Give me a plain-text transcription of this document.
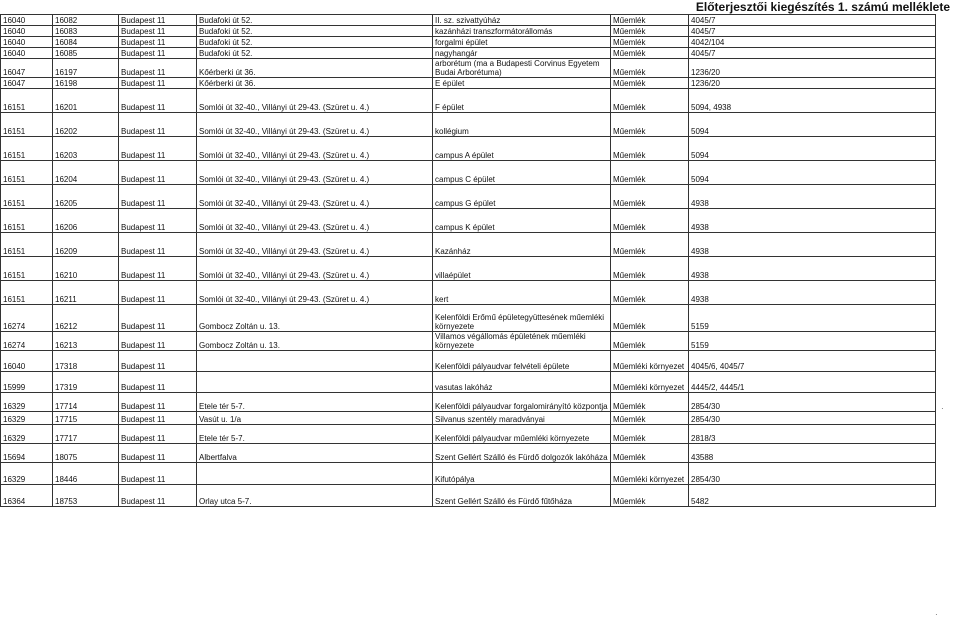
Előterjesztői kiegészítés 1. számú melléklete
16040	16082	Budapest 11	Budafoki út 52.	II. sz. szivattyúház	Műemlék	4045/7
16040	16083	Budapest 11	Budafoki út 52.	kazánházi transzformátorállomás	Műemlék	4045/7
16040	16084	Budapest 11	Budafoki út 52.	forgalmi épület	Műemlék	4042/104
16040	16085	Budapest 11	Budafoki út 52.	nagyhangár	Műemlék	4045/7
16047	16197	Budapest 11	Kőérberki út 36.	arborétum (ma a Budapesti Corvinus Egyetem Budai Arborétuma)	Műemlék	1236/20
16047	16198	Budapest 11	Kőérberki út 36.	E épület	Műemlék	1236/20
16151	16201	Budapest 11	Somlói út 32-40., Villányi út 29-43. (Szüret u. 4.)	F épület	Műemlék	5094, 4938
16151	16202	Budapest 11	Somlói út 32-40., Villányi út 29-43. (Szüret u. 4.)	kollégium	Műemlék	5094
16151	16203	Budapest 11	Somlói út 32-40., Villányi út 29-43. (Szüret u. 4.)	campus A épület	Műemlék	5094
16151	16204	Budapest 11	Somlói út 32-40., Villányi út 29-43. (Szüret u. 4.)	campus C épület	Műemlék	5094
16151	16205	Budapest 11	Somlói út 32-40., Villányi út 29-43. (Szüret u. 4.)	campus G épület	Műemlék	4938
16151	16206	Budapest 11	Somlói út 32-40., Villányi út 29-43. (Szüret u. 4.)	campus K épület	Műemlék	4938
16151	16209	Budapest 11	Somlói út 32-40., Villányi út 29-43. (Szüret u. 4.)	Kazánház	Műemlék	4938
16151	16210	Budapest 11	Somlói út 32-40., Villányi út 29-43. (Szüret u. 4.)	villaépület	Műemlék	4938
16151	16211	Budapest 11	Somlói út 32-40., Villányi út 29-43. (Szüret u. 4.)	kert	Műemlék	4938
16274	16212	Budapest 11	Gombocz Zoltán u. 13.	Kelenföldi Erőmű épületegyüttesének műemléki környezete	Műemlék	5159
16274	16213	Budapest 11	Gombocz Zoltán u. 13.	Villamos végállomás épületének műemléki környezete	Műemlék	5159
16040	17318	Budapest 11		Kelenföldi pályaudvar felvételi épülete	Műemléki környezet	4045/6, 4045/7
15999	17319	Budapest 11		vasutas lakóház	Műemléki környezet	4445/2, 4445/1
16329	17714	Budapest 11	Etele tér 5-7.	Kelenföldi pályaudvar forgalomirányító központja	Műemlék	2854/30
16329	17715	Budapest 11	Vasút u. 1/a	Silvanus szentély maradványai	Műemlék	2854/30
16329	17717	Budapest 11	Etele tér 5-7.	Kelenföldi pályaudvar műemléki környezete	Műemlék	2818/3
15694	18075	Budapest 11	Albertfalva	Szent Gellért Szálló és Fürdő dolgozók lakóháza	Műemlék	43588
16329	18446	Budapest 11		Kifutópálya	Műemléki környezet	2854/30
16364	18753	Budapest 11	Orlay utca 5-7.	Szent Gellért Szálló és Fürdő fűtőháza	Műemlék	5482
·
·
